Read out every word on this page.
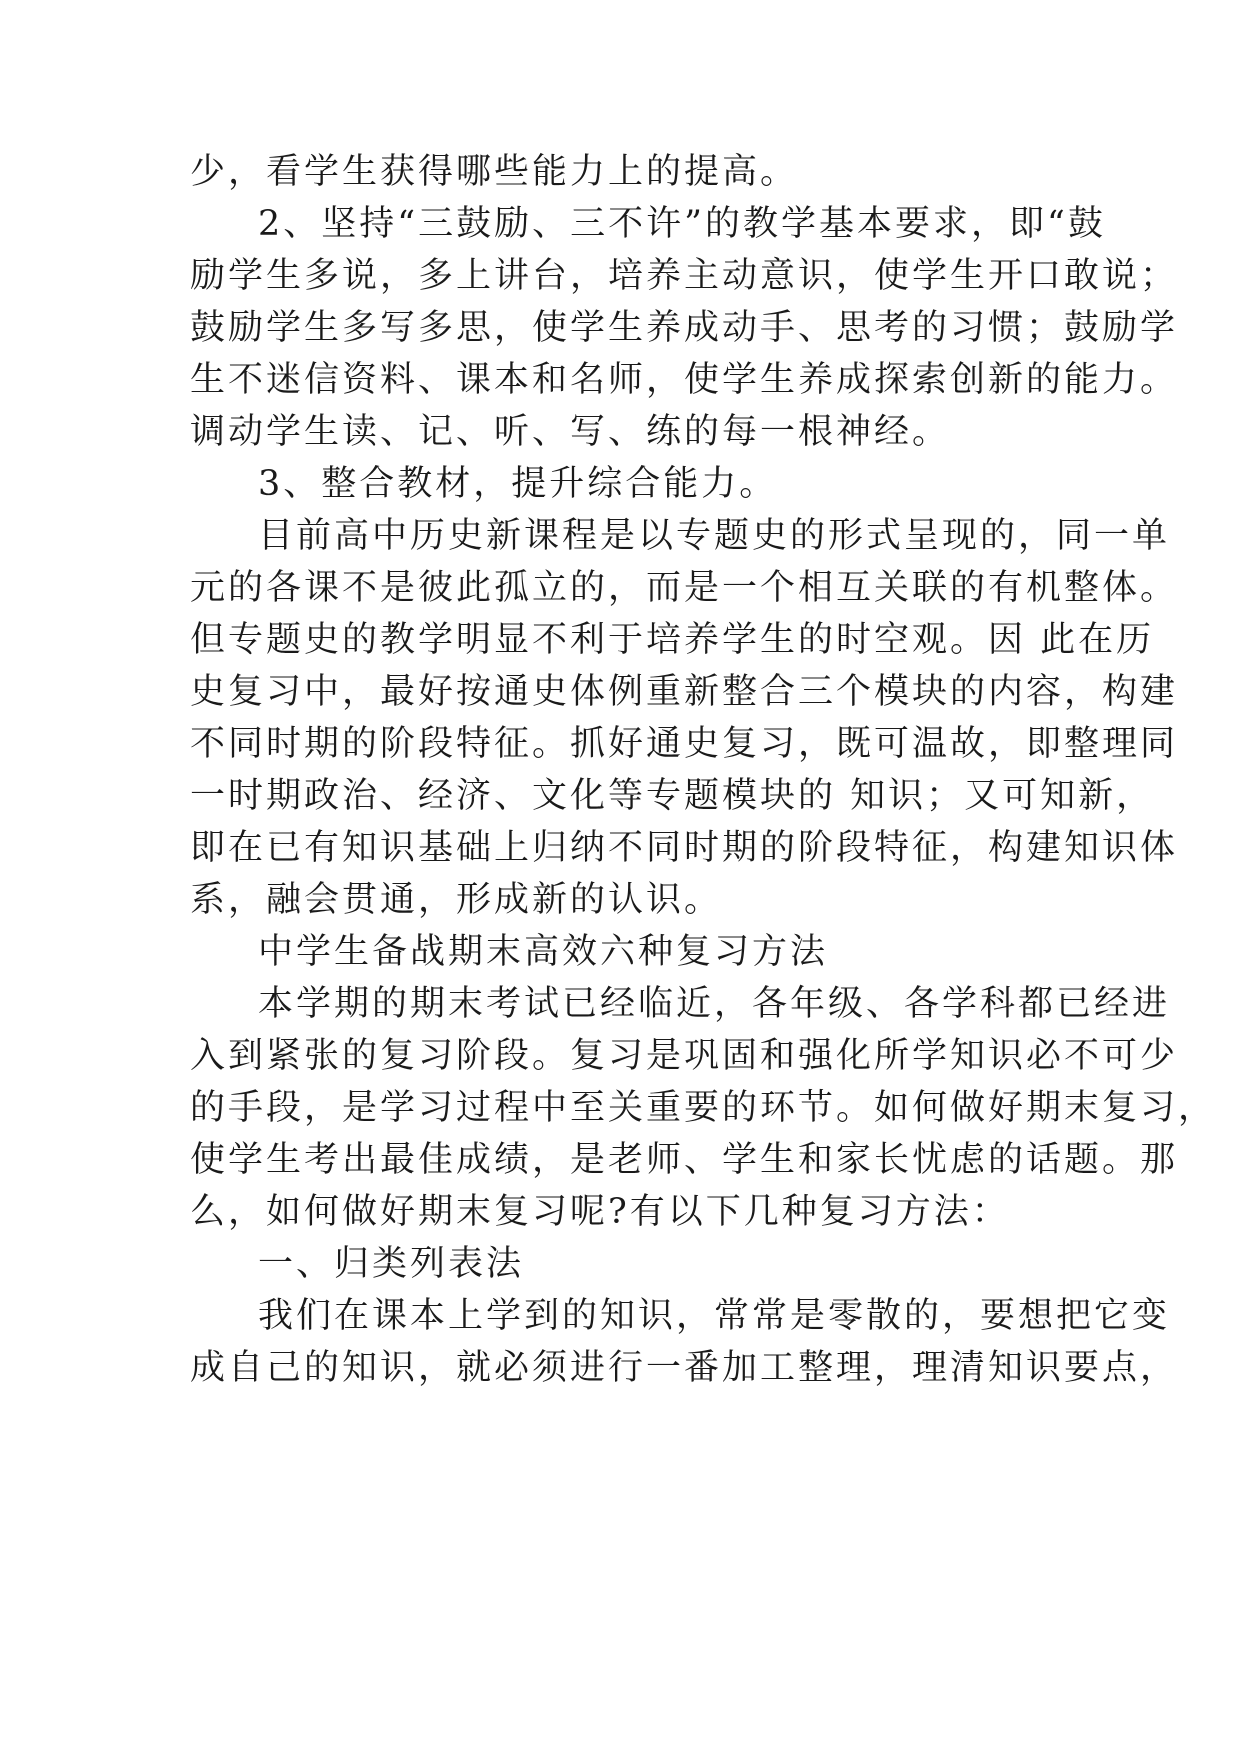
少，看学生获得哪些能力上的提高。
2、坚持“三鼓励、三不许”的教学基本要求，即“鼓
励学生多说，多上讲台，培养主动意识，使学生开口敢说；
鼓励学生多写多思，使学生养成动手、思考的习惯；鼓励学
生不迷信资料、课本和名师，使学生养成探索创新的能力。
调动学生读、记、听、写、练的每一根神经。
3、整合教材，提升综合能力。
目前高中历史新课程是以专题史的形式呈现的，同一单
元的各课不是彼此孤立的，而是一个相互关联的有机整体。
但专题史的教学明显不利于培养学生的时空观。因 此在历
史复习中，最好按通史体例重新整合三个模块的内容，构建
不同时期的阶段特征。抓好通史复习，既可温故，即整理同
一时期政治、经济、文化等专题模块的 知识；又可知新，
即在已有知识基础上归纳不同时期的阶段特征，构建知识体
系，融会贯通，形成新的认识。
中学生备战期末高效六种复习方法
本学期的期末考试已经临近，各年级、各学科都已经进
入到紧张的复习阶段。复习是巩固和强化所学知识必不可少
的手段，是学习过程中至关重要的环节。如何做好期末复习，
使学生考出最佳成绩，是老师、学生和家长忧虑的话题。那
么，如何做好期末复习呢?有以下几种复习方法：
一、归类列表法
我们在课本上学到的知识，常常是零散的，要想把它变
成自己的知识，就必须进行一番加工整理，理清知识要点，
